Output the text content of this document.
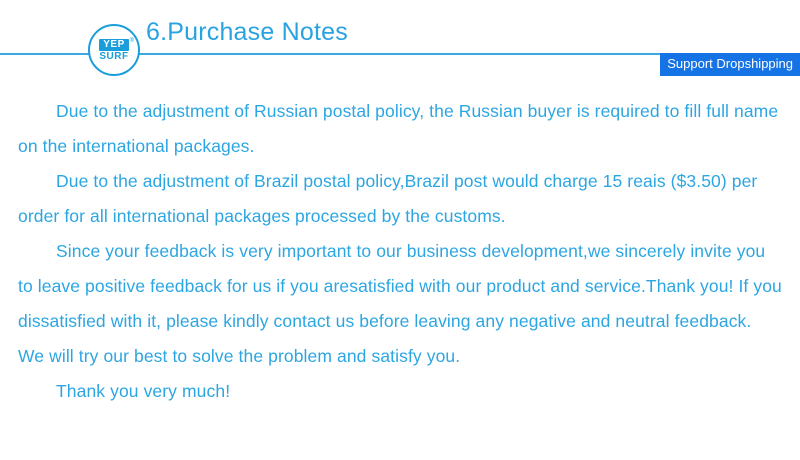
6.Purchase Notes
YEP
SURF
®
Support Dropshipping

Due to the adjustment of Russian postal policy, the Russian buyer is required to fill full name on the international packages.

Due to the adjustment of Brazil postal policy,Brazil post would charge 15 reais ($3.50) per order for all international packages processed by the customs.

Since your feedback is very important to our business development,we sincerely invite you to leave positive feedback for us if you aresatisfied with our product and service.Thank you! If you dissatisfied with it, please kindly contact us before leaving any negative and neutral feedback. We will try our best to solve the problem and satisfy you.

Thank you very much!
